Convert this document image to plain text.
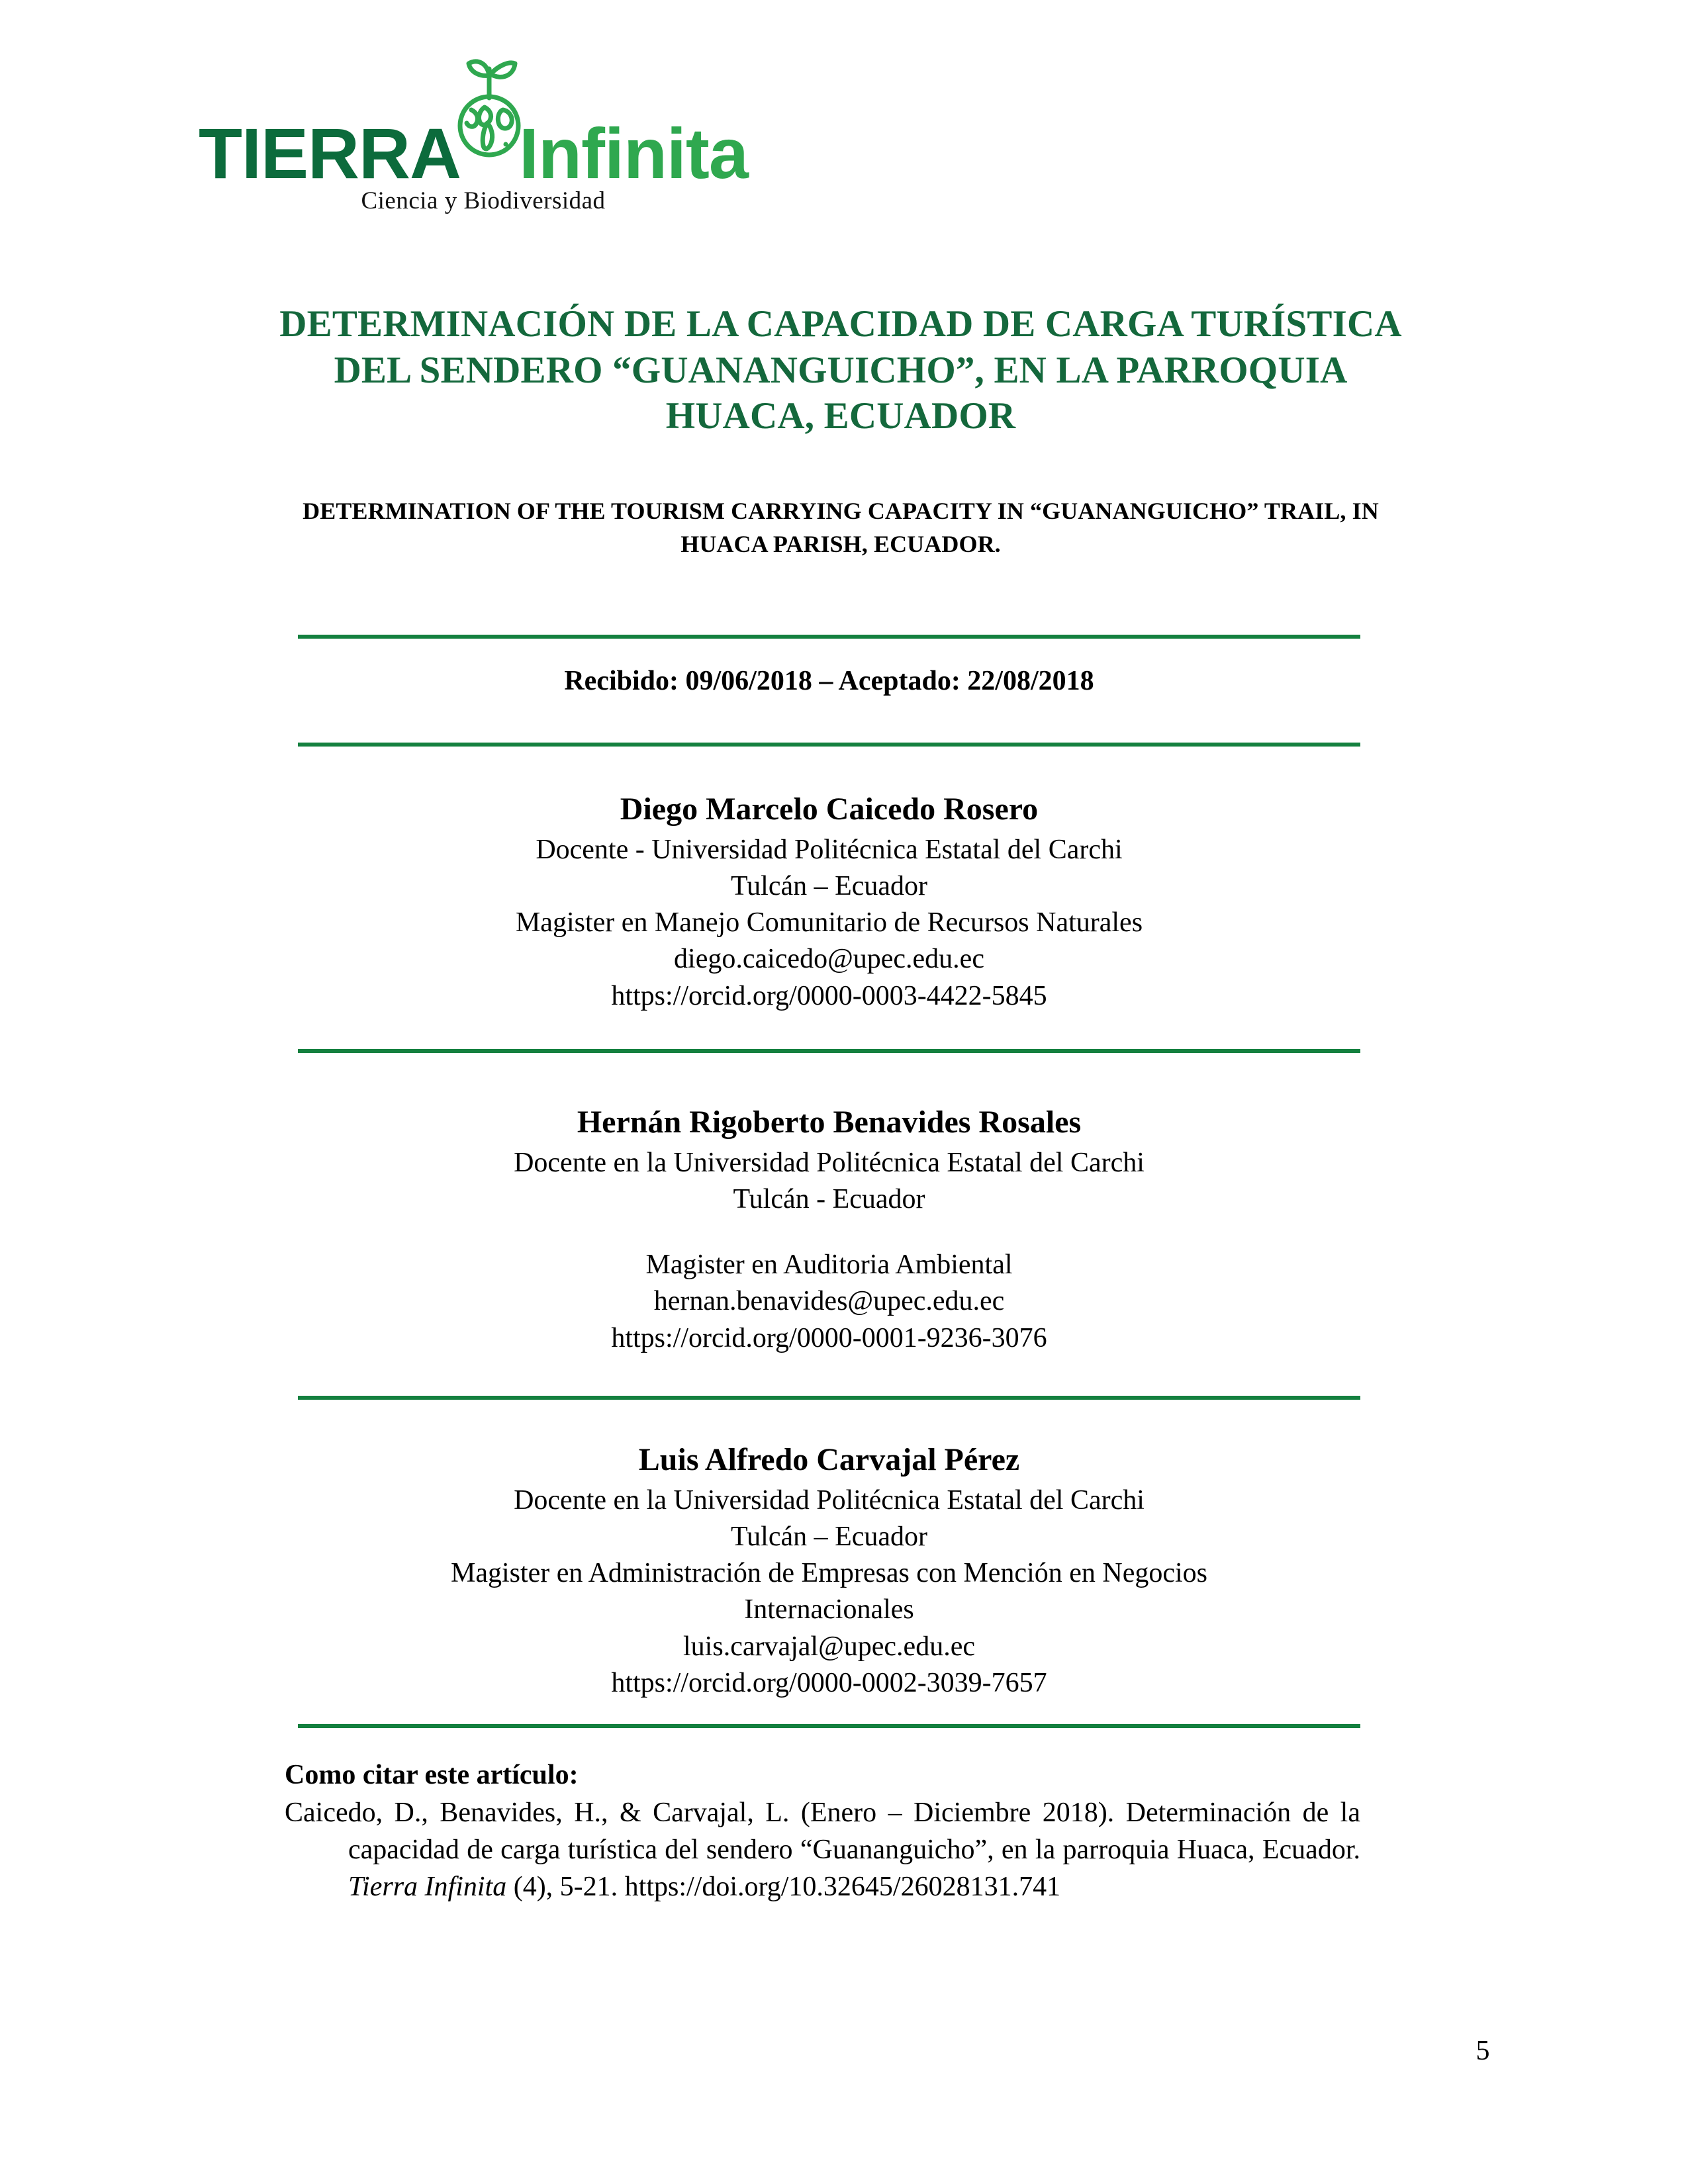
TIERRA Infinita
Ciencia y Biodiversidad
DETERMINACIÓN DE LA CAPACIDAD DE CARGA TURÍSTICA DEL SENDERO “GUANANGUICHO”, EN LA PARROQUIA HUACA, ECUADOR
DETERMINATION OF THE TOURISM CARRYING CAPACITY IN “GUANANGUICHO” TRAIL, IN HUACA PARISH, ECUADOR.
Recibido: 09/06/2018 – Aceptado: 22/08/2018
Diego Marcelo Caicedo Rosero
Docente - Universidad Politécnica Estatal del Carchi
Tulcán – Ecuador
Magister en Manejo Comunitario de Recursos Naturales
diego.caicedo@upec.edu.ec
https://orcid.org/0000-0003-4422-5845
Hernán Rigoberto Benavides Rosales
Docente en la Universidad Politécnica Estatal del Carchi
Tulcán - Ecuador
Magister en Auditoria Ambiental
hernan.benavides@upec.edu.ec
https://orcid.org/0000-0001-9236-3076
Luis Alfredo Carvajal Pérez
Docente en la Universidad Politécnica Estatal del Carchi
Tulcán – Ecuador
Magister en Administración de Empresas con Mención en Negocios
Internacionales
luis.carvajal@upec.edu.ec
https://orcid.org/0000-0002-3039-7657
Como citar este artículo:
Caicedo, D., Benavides, H., & Carvajal, L. (Enero – Diciembre 2018). Determinación de la capacidad de carga turística del sendero “Guananguicho”, en la parroquia Huaca, Ecuador. Tierra Infinita (4), 5-21. https://doi.org/10.32645/26028131.741
5
